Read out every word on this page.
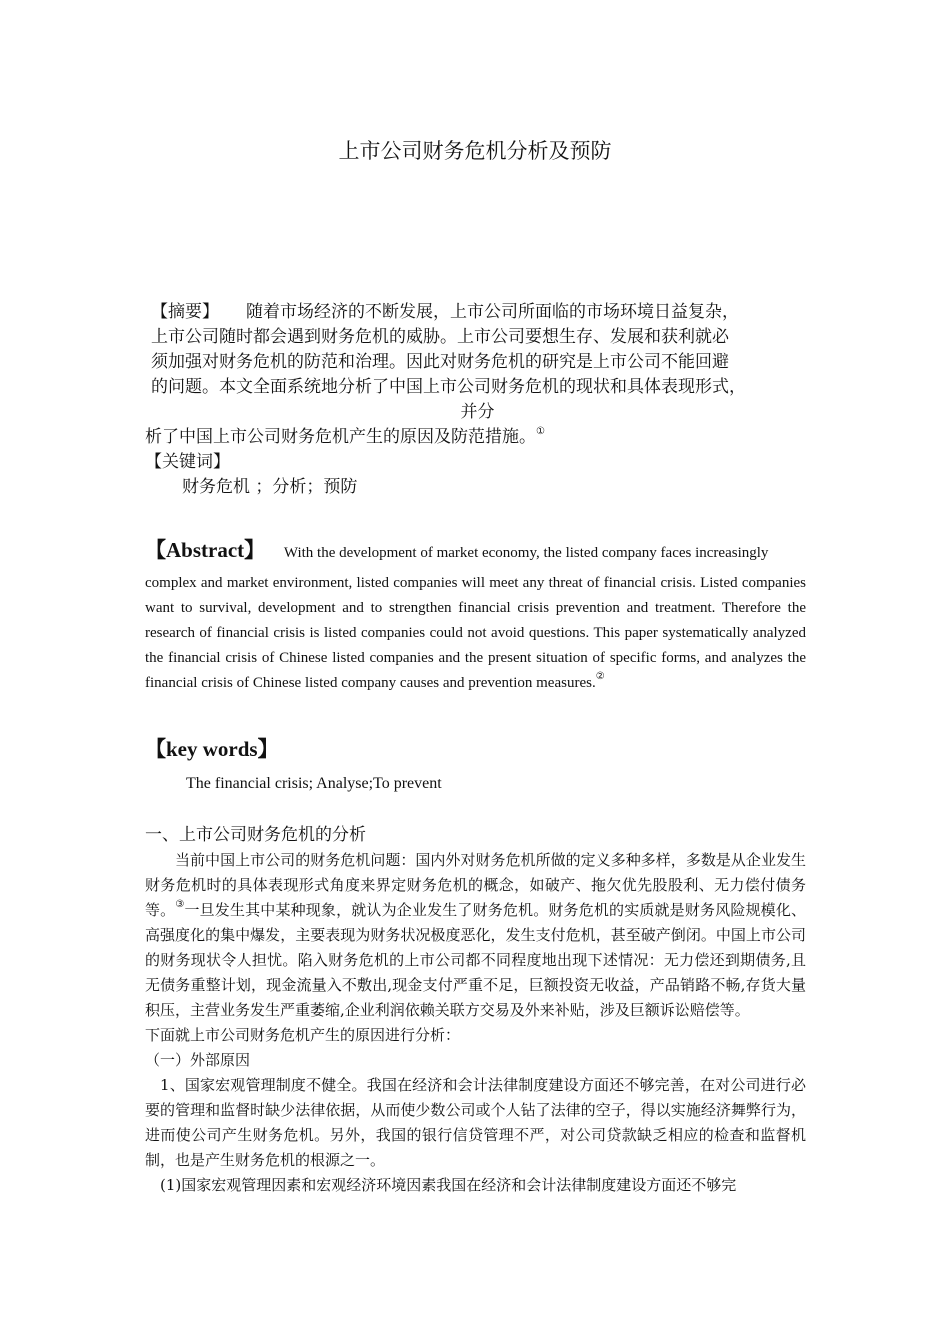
上市公司财务危机分析及预防

【摘要】 随着市场经济的不断发展，上市公司所面临的市场环境日益复杂，

上市公司随时都会遇到财务危机的威胁。上市公司要想生存、发展和获利就必

须加强对财务危机的防范和治理。因此对财务危机的研究是上市公司不能回避

的问题。本文全面系统地分析了中国上市公司财务危机的现状和具体表现形式，

并分

析了中国上市公司财务危机产生的原因及防范措施。①

【关键词】

财务危机 ；分析；预防

【Abstract】 With the development of market economy, the listed company faces increasingly

complex and market environment, listed companies will meet any threat of financial crisis. Listed companies want to survival, development and to strengthen financial crisis prevention and treatment. Therefore the research of financial crisis is listed companies could not avoid questions. This paper systematically analyzed the financial crisis of Chinese listed companies and the present situation of specific forms, and analyzes the financial crisis of Chinese listed company causes and prevention measures.②

【key words】
The financial crisis; Analyse;To prevent

一、上市公司财务危机的分析

当前中国上市公司的财务危机问题：国内外对财务危机所做的定义多种多样，多数是从企业发生财务危机时的具体表现形式角度来界定财务危机的概念，如破产、拖欠优先股股利、无力偿付债务等。③一旦发生其中某种现象，就认为企业发生了财务危机。财务危机的实质就是财务风险规模化、高强度化的集中爆发，主要表现为财务状况极度恶化，发生支付危机，甚至破产倒闭。中国上市公司的财务现状令人担忧。陷入财务危机的上市公司都不同程度地出现下述情况：无力偿还到期债务,且无债务重整计划，现金流量入不敷出,现金支付严重不足，巨额投资无收益，产品销路不畅,存货大量积压，主营业务发生严重萎缩,企业利润依赖关联方交易及外来补贴，涉及巨额诉讼赔偿等。

下面就上市公司财务危机产生的原因进行分析：

（一）外部原因

1、国家宏观管理制度不健全。我国在经济和会计法律制度建设方面还不够完善，在对公司进行必要的管理和监督时缺少法律依据，从而使少数公司或个人钻了法律的空子，得以实施经济舞弊行为，进而使公司产生财务危机。另外，我国的银行信贷管理不严，对公司贷款缺乏相应的检查和监督机制，也是产生财务危机的根源之一。

(1)国家宏观管理因素和宏观经济环境因素我国在经济和会计法律制度建设方面还不够完
